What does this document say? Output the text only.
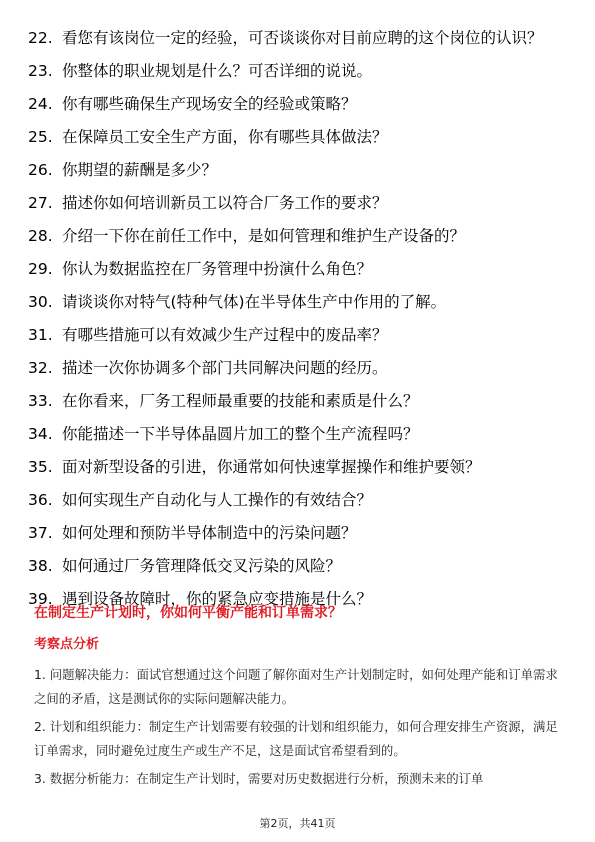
22. 看您有该岗位一定的经验，可否谈谈你对目前应聘的这个岗位的认识？
23. 你整体的职业规划是什么？可否详细的说说。
24. 你有哪些确保生产现场安全的经验或策略？
25. 在保障员工安全生产方面，你有哪些具体做法？
26. 你期望的薪酬是多少？
27. 描述你如何培训新员工以符合厂务工作的要求？
28. 介绍一下你在前任工作中，是如何管理和维护生产设备的？
29. 你认为数据监控在厂务管理中扮演什么角色？
30. 请谈谈你对特气(特种气体)在半导体生产中作用的了解。
31. 有哪些措施可以有效减少生产过程中的废品率？
32. 描述一次你协调多个部门共同解决问题的经历。
33. 在你看来，厂务工程师最重要的技能和素质是什么？
34. 你能描述一下半导体晶圆片加工的整个生产流程吗？
35. 面对新型设备的引进，你通常如何快速掌握操作和维护要领？
36. 如何实现生产自动化与人工操作的有效结合？
37. 如何处理和预防半导体制造中的污染问题？
38. 如何通过厂务管理降低交叉污染的风险？
39. 遇到设备故障时，你的紧急应变措施是什么？
在制定生产计划时，你如何平衡产能和订单需求？
考察点分析

1. 问题解决能力：面试官想通过这个问题了解你面对生产计划制定时，如何处理产能和订单需求之间的矛盾，这是测试你的实际问题解决能力。

2. 计划和组织能力：制定生产计划需要有较强的计划和组织能力，如何合理安排生产资源，满足订单需求，同时避免过度生产或生产不足，这是面试官希望看到的。

3. 数据分析能力：在制定生产计划时，需要对历史数据进行分析，预测未来的订单

第2页，共41页
